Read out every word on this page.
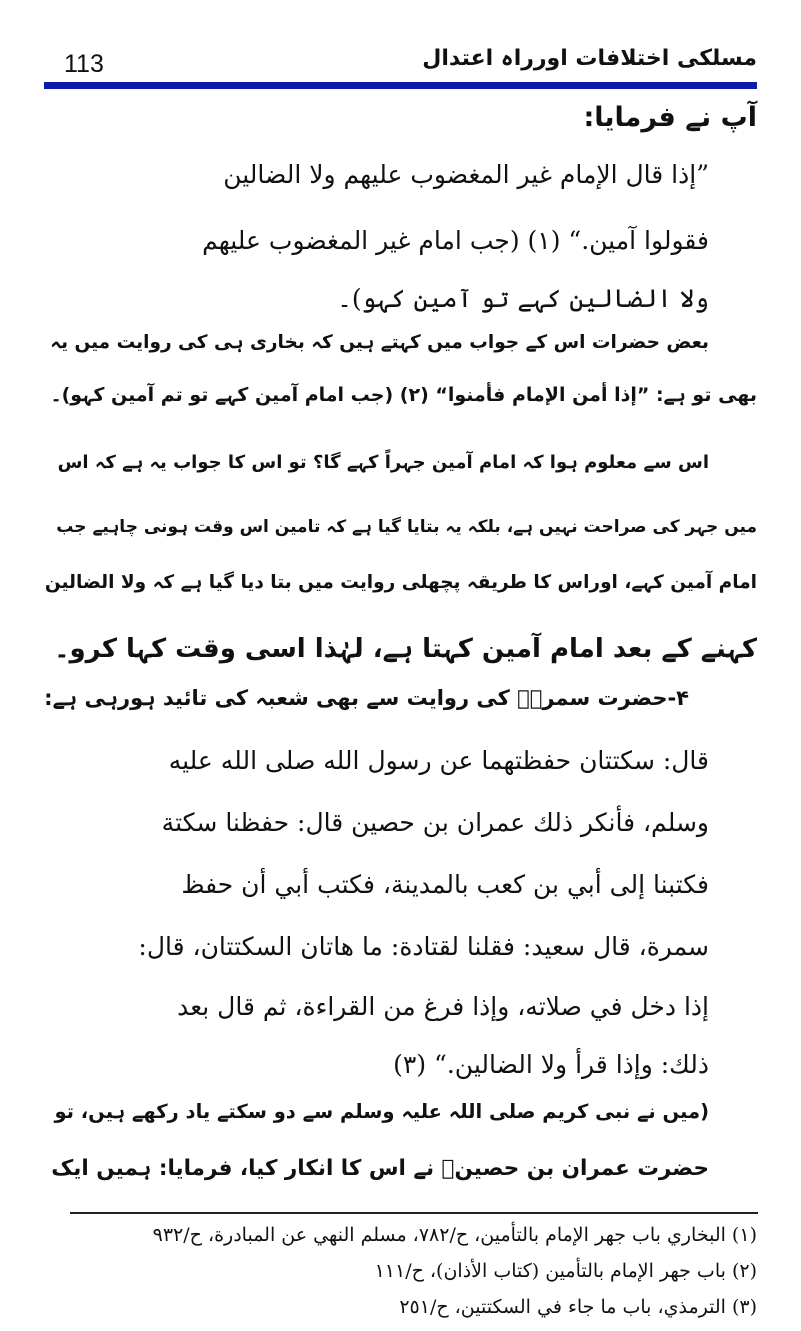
113	مسلکی اختلافات اورراہ اعتدال
آپ نے فرمایا:
”إذا قال الإمام غير المغضوب عليهم ولا الضالين
فقولوا آمين.“ (١) (جب امام غير المغضوب عليهم
ولا الضالين کہے تو آمین کہو)۔
بعض حضرات اس کے جواب میں کہتے ہیں کہ بخاری ہی کی روایت میں یہ
بھی تو ہے: ”إذا أمن الإمام فأمنوا“ (٢) (جب امام آمین کہے تو تم آمین کہو)۔
اس سے معلوم ہوا کہ امام آمین جہراً کہے گا؟ تو اس کا جواب یہ ہے کہ اس
میں جہر کی صراحت نہیں ہے، بلکہ یہ بتایا گیا ہے کہ تامین اس وقت ہونی چاہیے جب
امام آمین کہے، اوراس کا طریقہ پچھلی روایت میں بتا دیا گیا ہے کہ ولا الضالین
کہنے کے بعد امام آمین کہتا ہے، لہٰذا اسی وقت کہا کرو۔
۴-حضرت سمرہؓ کی روایت سے بھی شعبہ کی تائید ہورہی ہے:
قال: سكتتان حفظتهما عن رسول الله صلى الله عليه
وسلم، فأنكر ذلك عمران بن حصين قال: حفظنا سكتة
فكتبنا إلى أبي بن كعب بالمدينة، فكتب أبي أن حفظ
سمرة، قال سعيد: فقلنا لقتادة: ما هاتان السكتتان، قال:
إذا دخل في صلاته، وإذا فرغ من القراءة، ثم قال بعد
ذلك: وإذا قرأ ولا الضالين.“ (٣)
(میں نے نبی کریم صلی اللہ علیہ وسلم سے دو سکتے یاد رکھے ہیں، تو
حضرت عمران بن حصینؓ نے اس کا انکار کیا، فرمایا: ہمیں ایک
(١) البخاري باب جهر الإمام بالتأمين، ح/٧٨٢، مسلم النهي عن المبادرة، ح/٩٣٢
(٢) باب جهر الإمام بالتأمين (كتاب الأذان)، ح/١١١
(٣) الترمذي، باب ما جاء في السكتتين، ح/٢٥١
